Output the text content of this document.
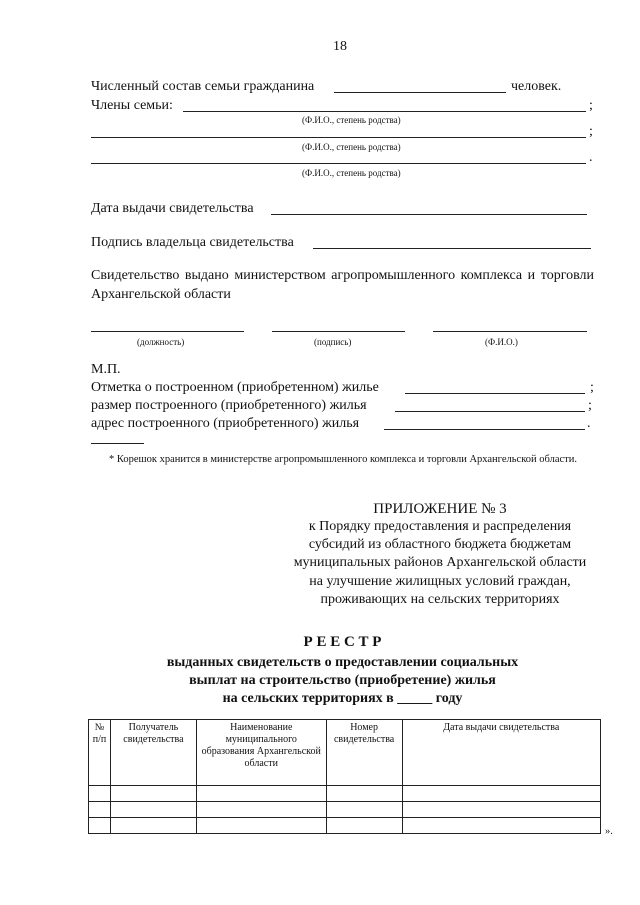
18
Численный состав семьи гражданина	человек.
Члены семьи:	;
(Ф.И.О., степень родства)
;
(Ф.И.О., степень родства)
.
(Ф.И.О., степень родства)
Дата выдачи свидетельства
Подпись владельца свидетельства
Свидетельство выдано министерством агропромышленного комплекса и торговли Архангельской области
(должность)	(подпись)	(Ф.И.О.)
М.П.
Отметка о построенном (приобретенном) жилье	;
размер построенного (приобретенного) жилья	;
адрес построенного (приобретенного) жилья	.
* Корешок хранится в министерстве агропромышленного комплекса и торговли Архангельской области.
ПРИЛОЖЕНИЕ № 3
к Порядку предоставления и распределения
субсидий из областного бюджета бюджетам
муниципальных районов Архангельской области
на улучшение жилищных условий граждан,
проживающих на сельских территориях
Р Е Е С Т Р
выданных свидетельств о предоставлении социальных
выплат на строительство (приобретение) жилья
на сельских территориях в _____ году
№ п/п	Получатель свидетельства	Наименование муниципального образования Архангельской области	Номер свидетельства	Дата выдачи свидетельства

».
